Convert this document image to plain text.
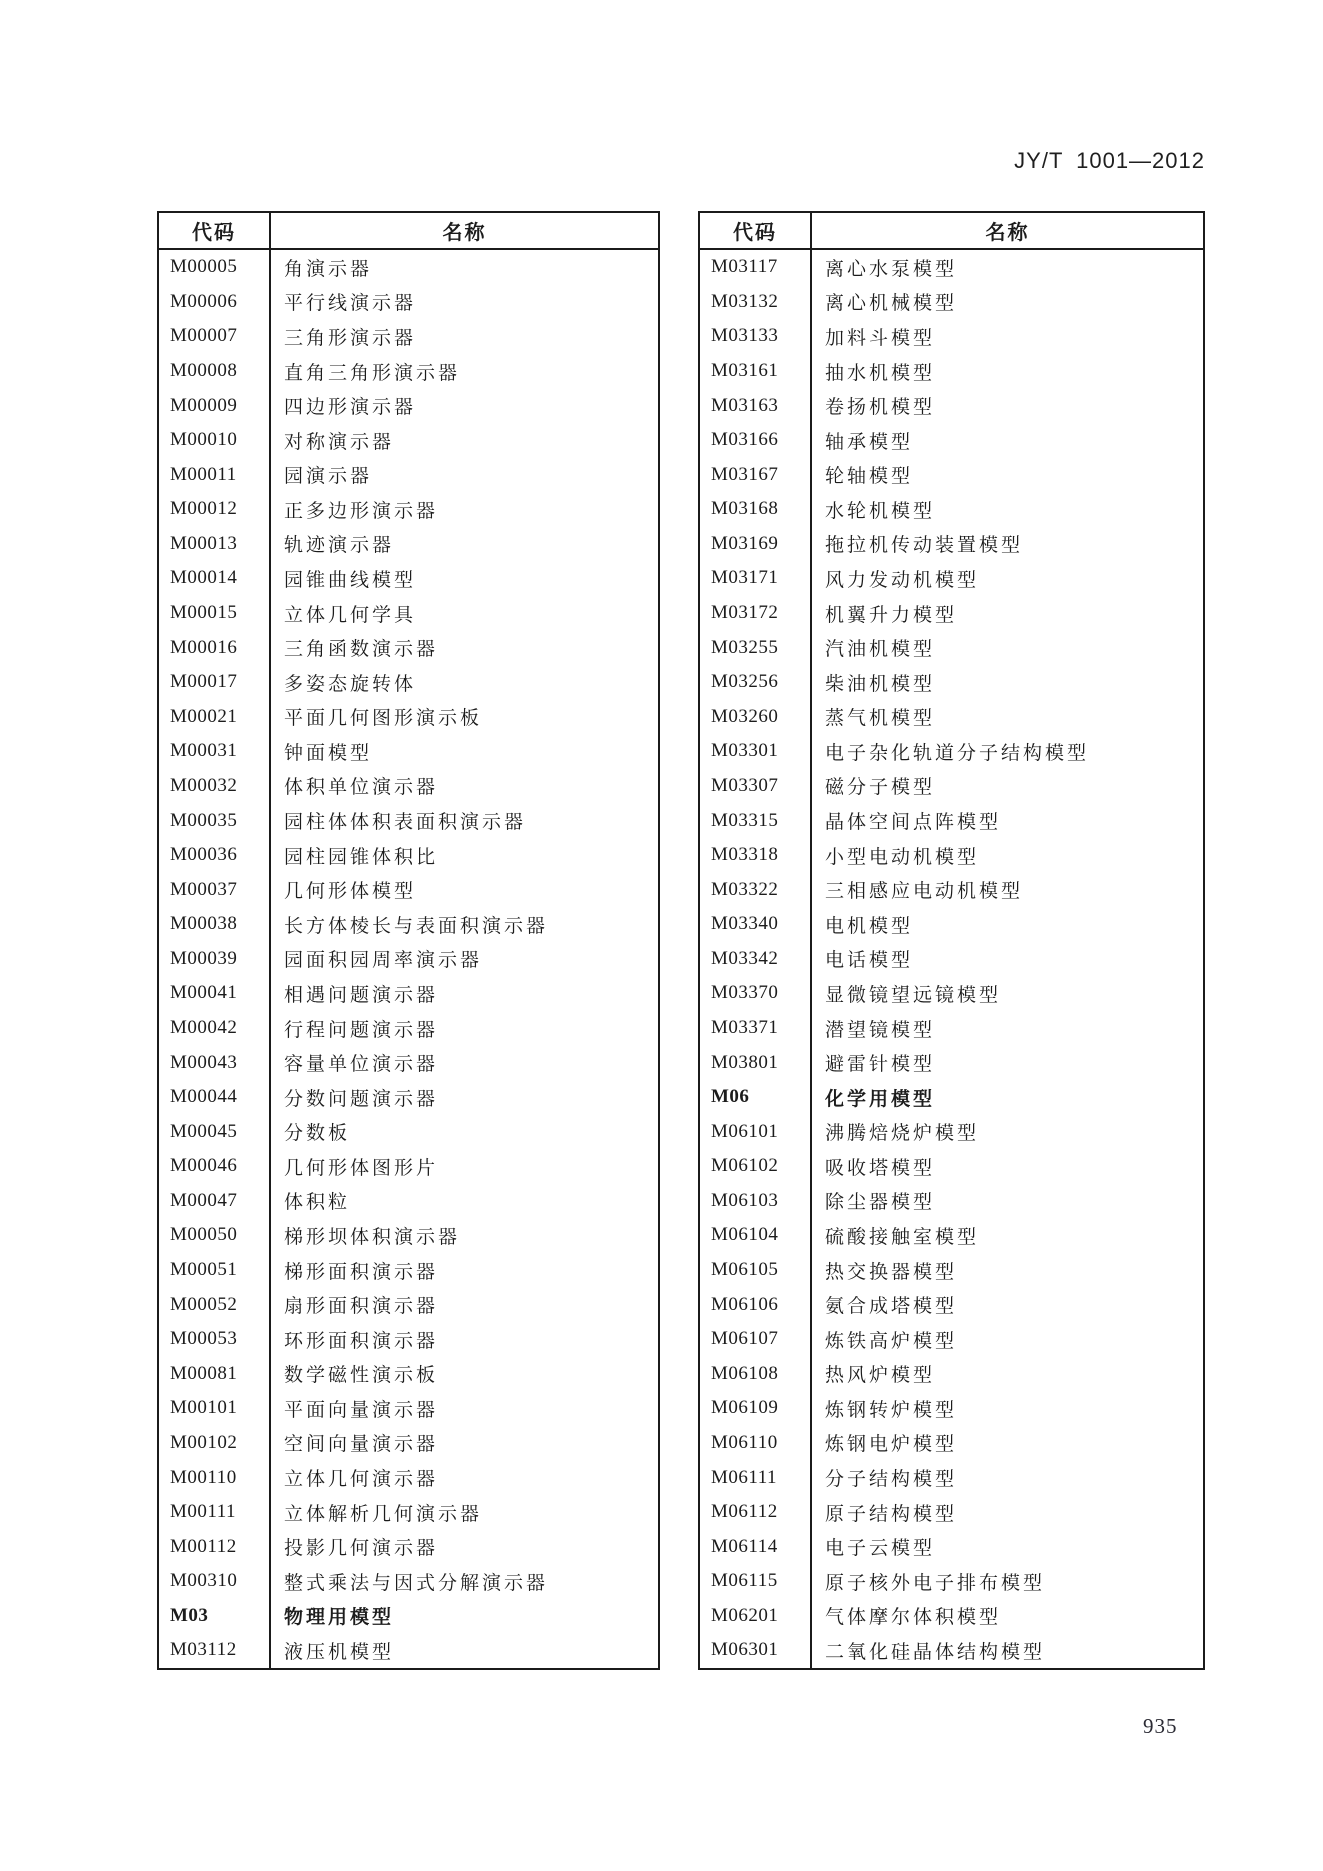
JY/T 1001—2012
代码	名称
M00005	角演示器
M00006	平行线演示器
M00007	三角形演示器
M00008	直角三角形演示器
M00009	四边形演示器
M00010	对称演示器
M00011	园演示器
M00012	正多边形演示器
M00013	轨迹演示器
M00014	园锥曲线模型
M00015	立体几何学具
M00016	三角函数演示器
M00017	多姿态旋转体
M00021	平面几何图形演示板
M00031	钟面模型
M00032	体积单位演示器
M00035	园柱体体积表面积演示器
M00036	园柱园锥体积比
M00037	几何形体模型
M00038	长方体棱长与表面积演示器
M00039	园面积园周率演示器
M00041	相遇问题演示器
M00042	行程问题演示器
M00043	容量单位演示器
M00044	分数问题演示器
M00045	分数板
M00046	几何形体图形片
M00047	体积粒
M00050	梯形坝体积演示器
M00051	梯形面积演示器
M00052	扇形面积演示器
M00053	环形面积演示器
M00081	数学磁性演示板
M00101	平面向量演示器
M00102	空间向量演示器
M00110	立体几何演示器
M00111	立体解析几何演示器
M00112	投影几何演示器
M00310	整式乘法与因式分解演示器
M03	物理用模型
M03112	液压机模型
代码	名称
M03117	离心水泵模型
M03132	离心机械模型
M03133	加料斗模型
M03161	抽水机模型
M03163	卷扬机模型
M03166	轴承模型
M03167	轮轴模型
M03168	水轮机模型
M03169	拖拉机传动装置模型
M03171	风力发动机模型
M03172	机翼升力模型
M03255	汽油机模型
M03256	柴油机模型
M03260	蒸气机模型
M03301	电子杂化轨道分子结构模型
M03307	磁分子模型
M03315	晶体空间点阵模型
M03318	小型电动机模型
M03322	三相感应电动机模型
M03340	电机模型
M03342	电话模型
M03370	显微镜望远镜模型
M03371	潜望镜模型
M03801	避雷针模型
M06	化学用模型
M06101	沸腾焙烧炉模型
M06102	吸收塔模型
M06103	除尘器模型
M06104	硫酸接触室模型
M06105	热交换器模型
M06106	氨合成塔模型
M06107	炼铁高炉模型
M06108	热风炉模型
M06109	炼钢转炉模型
M06110	炼钢电炉模型
M06111	分子结构模型
M06112	原子结构模型
M06114	电子云模型
M06115	原子核外电子排布模型
M06201	气体摩尔体积模型
M06301	二氧化硅晶体结构模型
935
